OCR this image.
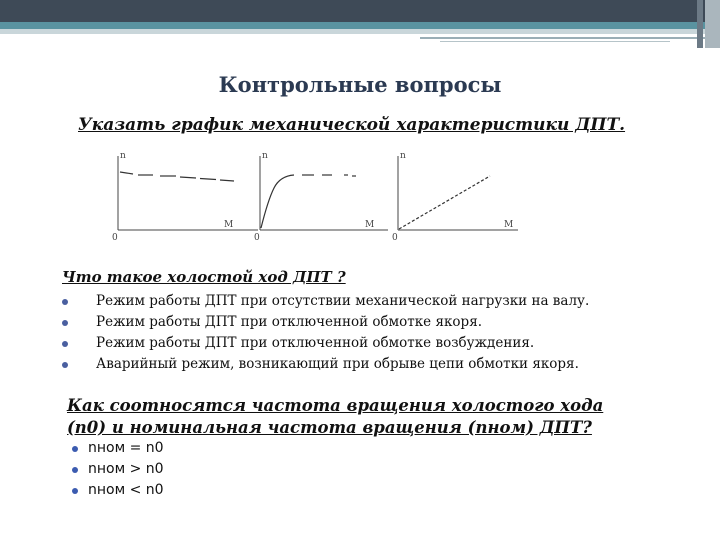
Контрольные вопросы
Указать график механической характеристики ДПТ.
n
M
0
n
M
0
n
M
0
Что такое холостой ход ДПТ ?
Режим работы ДПТ при отсутствии механической нагрузки на валу.
Режим работы ДПТ при отключенной обмотке якоря.
Режим работы ДПТ при отключенной обмотке возбуждения.
Аварийный режим, возникающий при обрыве цепи обмотки якоря.
Как соотносятся частота вращения холостого хода
(n0) и номинальная частота вращения (nном) ДПТ?
nном = n0
nном > n0
nном < n0
